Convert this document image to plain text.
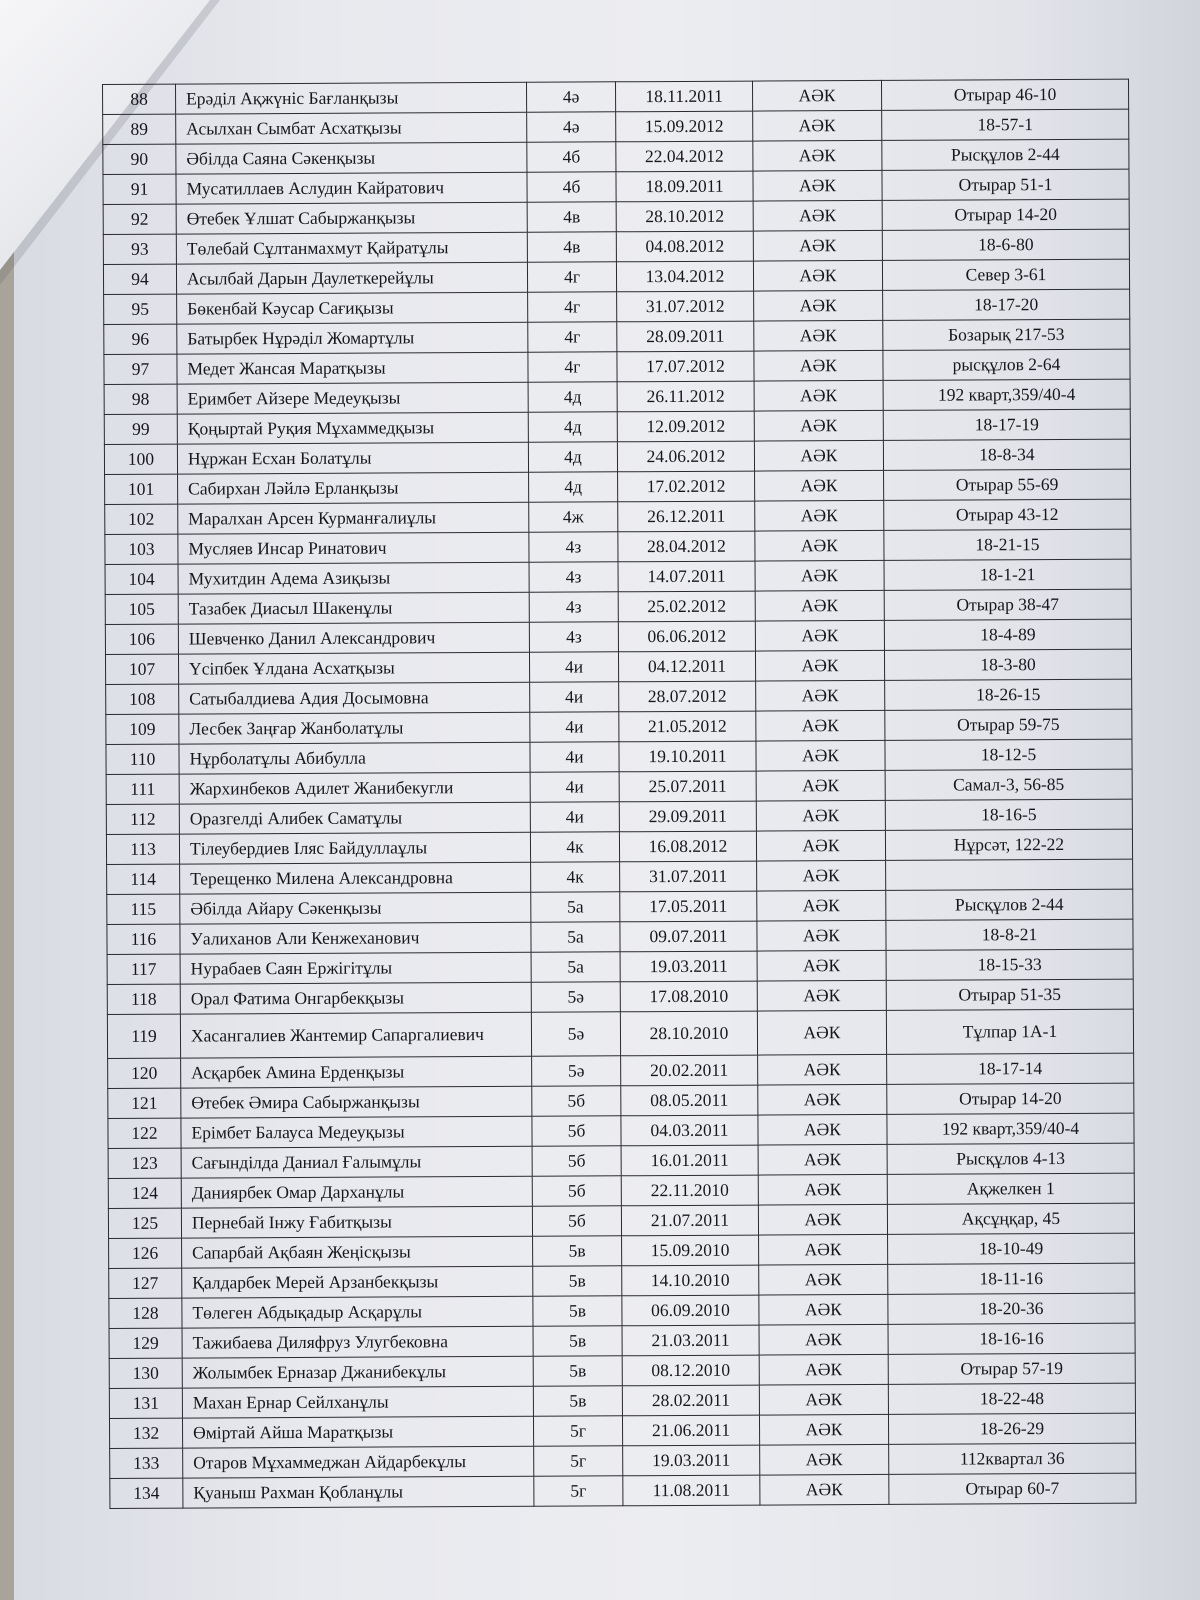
88	Ерәділ Ақжүніс Бағланқызы	4ә	18.11.2011	АӘК	Отырар 46-10
89	Асылхан Сымбат Асхатқызы	4ә	15.09.2012	АӘК	18-57-1
90	Әбілда Саяна Сәкенқызы	4б	22.04.2012	АӘК	Рысқұлов 2-44
91	Мусатиллаев Аслудин Кайратович	4б	18.09.2011	АӘК	Отырар 51-1
92	Өтебек Ұлшат Сабыржанқызы	4в	28.10.2012	АӘК	Отырар 14-20
93	Төлебай Сұлтанмахмут Қайратұлы	4в	04.08.2012	АӘК	18-6-80
94	Асылбай Дарын Даулеткерейұлы	4г	13.04.2012	АӘК	Север 3-61
95	Бөкенбай Кәусар Сағиқызы	4г	31.07.2012	АӘК	18-17-20
96	Батырбек Нұрәділ Жомартұлы	4г	28.09.2011	АӘК	Бозарық 217-53
97	Медет Жансая Маратқызы	4г	17.07.2012	АӘК	рысқұлов 2-64
98	Еримбет Айзере Медеуқызы	4д	26.11.2012	АӘК	192 кварт,359/40-4
99	Қоңыртай Руқия Мұхаммедқызы	4д	12.09.2012	АӘК	18-17-19
100	Нұржан Есхан Болатұлы	4д	24.06.2012	АӘК	18-8-34
101	Сабирхан Ләйлә Ерланқызы	4д	17.02.2012	АӘК	Отырар 55-69
102	Маралхан Арсен Курманғалиұлы	4ж	26.12.2011	АӘК	Отырар 43-12
103	Мусляев Инсар Ринатович	4з	28.04.2012	АӘК	18-21-15
104	Мухитдин Адема Азиқызы	4з	14.07.2011	АӘК	18-1-21
105	Тазабек Диасыл Шакенұлы	4з	25.02.2012	АӘК	Отырар 38-47
106	Шевченко Данил Александрович	4з	06.06.2012	АӘК	18-4-89
107	Үсіпбек Ұлдана Асхатқызы	4и	04.12.2011	АӘК	18-3-80
108	Сатыбалдиева Адия Досымовна	4и	28.07.2012	АӘК	18-26-15
109	Лесбек Заңғар Жанболатұлы	4и	21.05.2012	АӘК	Отырар 59-75
110	Нұрболатұлы Абибулла	4и	19.10.2011	АӘК	18-12-5
111	Жархинбеков Адилет Жанибекугли	4и	25.07.2011	АӘК	Самал-3, 56-85
112	Оразгелді Алибек Саматұлы	4и	29.09.2011	АӘК	18-16-5
113	Тілеубердиев Іляс Байдуллаұлы	4к	16.08.2012	АӘК	Нұрсәт, 122-22
114	Терещенко Милена Александровна	4к	31.07.2011	АӘК	
115	Әбілда Айару Сәкенқызы	5а	17.05.2011	АӘК	Рысқұлов 2-44
116	Уалиханов Али Кенжеханович	5а	09.07.2011	АӘК	18-8-21
117	Нурабаев Саян Ержігітұлы	5а	19.03.2011	АӘК	18-15-33
118	Орал Фатима Онгарбекқызы	5ә	17.08.2010	АӘК	Отырар 51-35
119	Хасангалиев Жантемир Сапаргалиевич	5ә	28.10.2010	АӘК	Тұлпар 1А-1
120	Асқарбек Амина Ерденқызы	5ә	20.02.2011	АӘК	18-17-14
121	Өтебек Әмира Сабыржанқызы	5б	08.05.2011	АӘК	Отырар 14-20
122	Ерімбет Балауса Медеуқызы	5б	04.03.2011	АӘК	192 кварт,359/40-4
123	Сағынділда Даниал Ғалымұлы	5б	16.01.2011	АӘК	Рысқұлов 4-13
124	Даниярбек Омар Дарханұлы	5б	22.11.2010	АӘК	Ақжелкен 1
125	Пернебай Інжу Ғабитқызы	5б	21.07.2011	АӘК	Ақсұңқар, 45
126	Сапарбай Ақбаян Жеңісқызы	5в	15.09.2010	АӘК	18-10-49
127	Қалдарбек Мерей Арзанбекқызы	5в	14.10.2010	АӘК	18-11-16
128	Төлеген Абдықадыр Асқарұлы	5в	06.09.2010	АӘК	18-20-36
129	Тажибаева Диляфруз Улугбековна	5в	21.03.2011	АӘК	18-16-16
130	Жолымбек Ерназар Джанибекұлы	5в	08.12.2010	АӘК	Отырар 57-19
131	Махан Ернар Сейлханұлы	5в	28.02.2011	АӘК	18-22-48
132	Өміртай Айша Маратқызы	5г	21.06.2011	АӘК	18-26-29
133	Отаров Мұхаммеджан Айдарбекұлы	5г	19.03.2011	АӘК	112квартал 36
134	Қуаныш Рахман Қобланұлы	5г	11.08.2011	АӘК	Отырар 60-7
